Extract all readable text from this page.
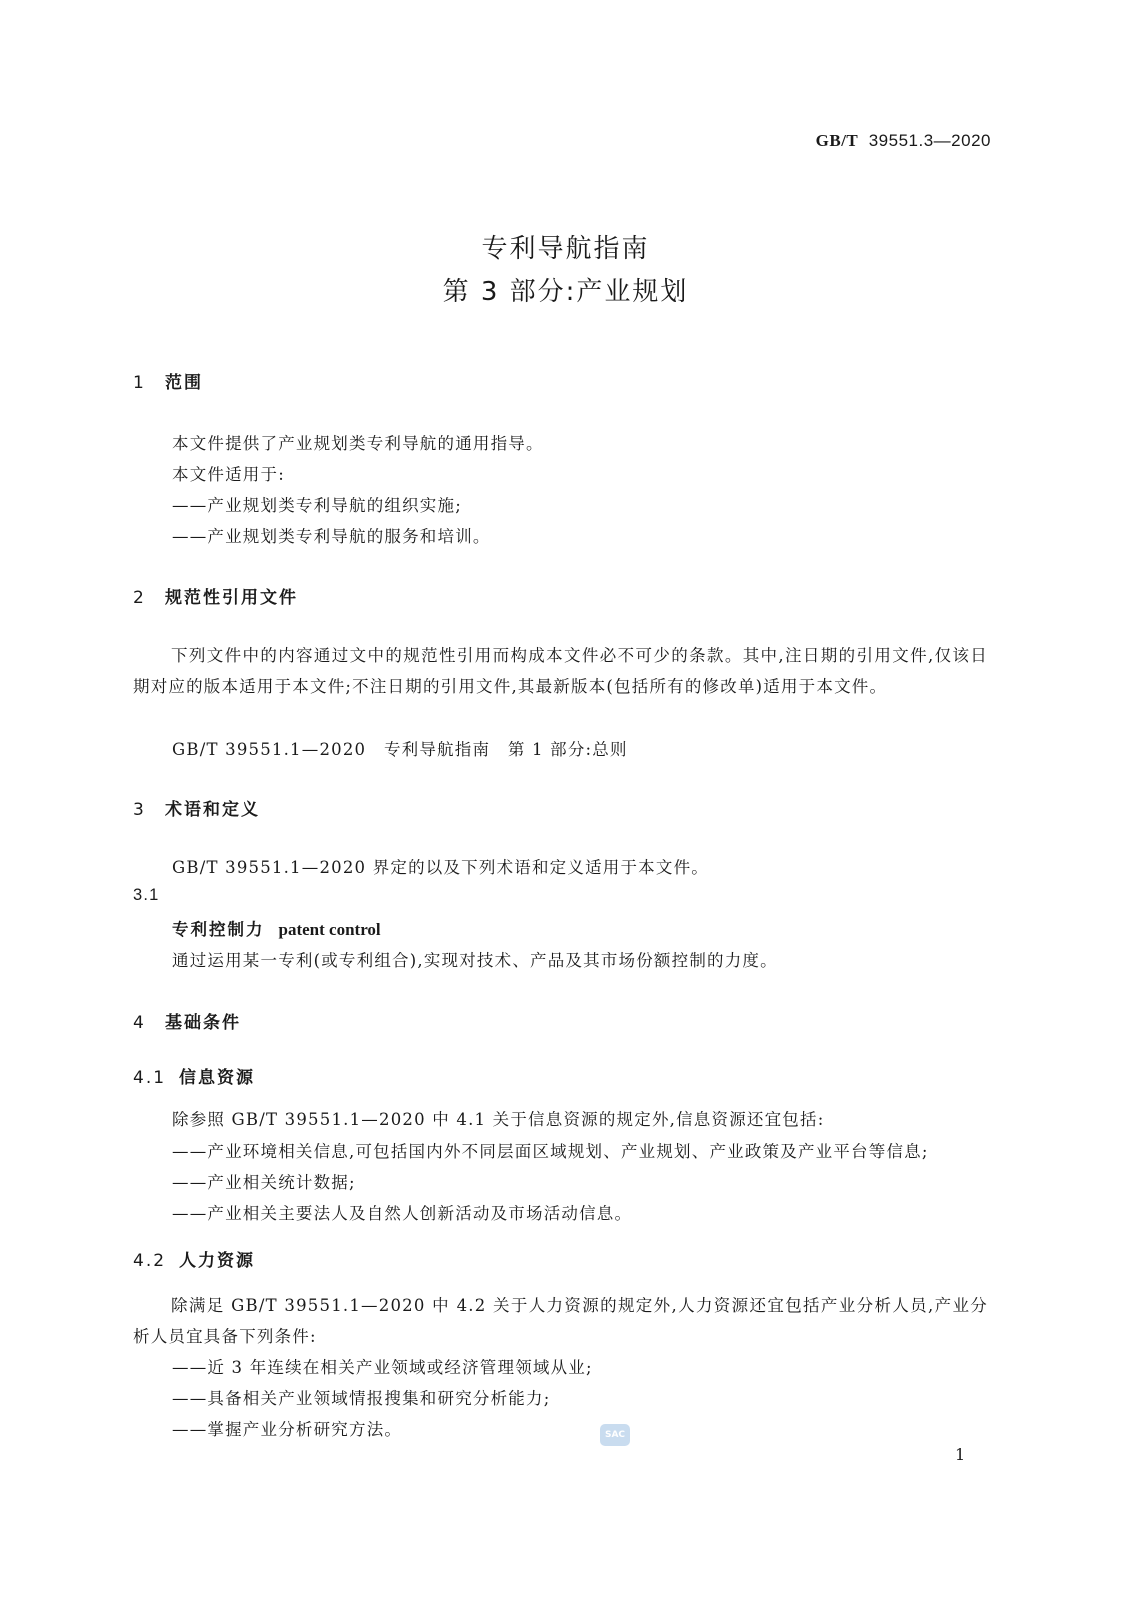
GB/T 39551.3—2020
专利导航指南
第 3 部分:产业规划
1 范围
本文件提供了产业规划类专利导航的通用指导。
本文件适用于:
——产业规划类专利导航的组织实施;
——产业规划类专利导航的服务和培训。
2 规范性引用文件
下列文件中的内容通过文中的规范性引用而构成本文件必不可少的条款。其中,注日期的引用文件,仅该日期对应的版本适用于本文件;不注日期的引用文件,其最新版本(包括所有的修改单)适用于本文件。
GB/T 39551.1—2020　专利导航指南　第 1 部分:总则
3 术语和定义
GB/T 39551.1—2020 界定的以及下列术语和定义适用于本文件。
3.1
专利控制力 patent control
通过运用某一专利(或专利组合),实现对技术、产品及其市场份额控制的力度。
4 基础条件
4.1 信息资源
除参照 GB/T 39551.1—2020 中 4.1 关于信息资源的规定外,信息资源还宜包括:
——产业环境相关信息,可包括国内外不同层面区域规划、产业规划、产业政策及产业平台等信息;
——产业相关统计数据;
——产业相关主要法人及自然人创新活动及市场活动信息。
4.2 人力资源
除满足 GB/T 39551.1—2020 中 4.2 关于人力资源的规定外,人力资源还宜包括产业分析人员,产业分析人员宜具备下列条件:
——近 3 年连续在相关产业领域或经济管理领域从业;
——具备相关产业领域情报搜集和研究分析能力;
——掌握产业分析研究方法。	SAC
1
